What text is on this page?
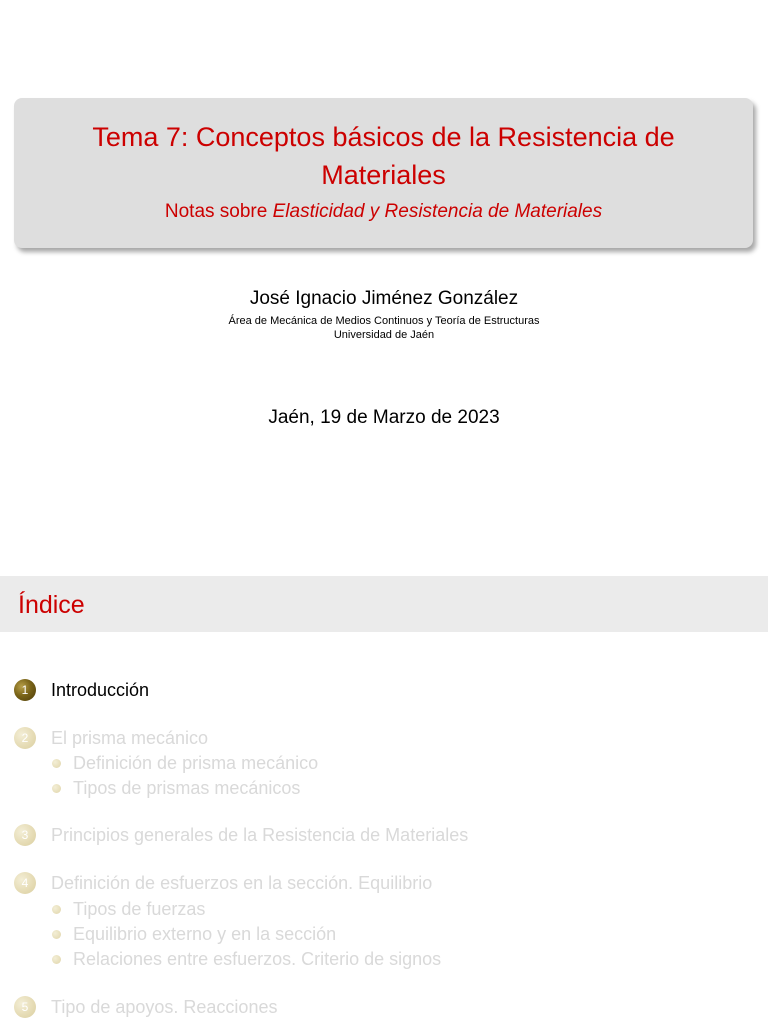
Tema 7: Conceptos básicos de la Resistencia de Materiales
Notas sobre Elasticidad y Resistencia de Materiales
José Ignacio Jiménez González
Área de Mecánica de Medios Continuos y Teoría de Estructuras
Universidad de Jaén
Jaén, 19 de Marzo de 2023
Índice
1	Introducción
2	El prisma mecánico
Definición de prisma mecánico
Tipos de prismas mecánicos
3	Principios generales de la Resistencia de Materiales
4	Definición de esfuerzos en la sección. Equilibrio
Tipos de fuerzas
Equilibrio externo y en la sección
Relaciones entre esfuerzos. Criterio de signos
5	Tipo de apoyos. Reacciones
